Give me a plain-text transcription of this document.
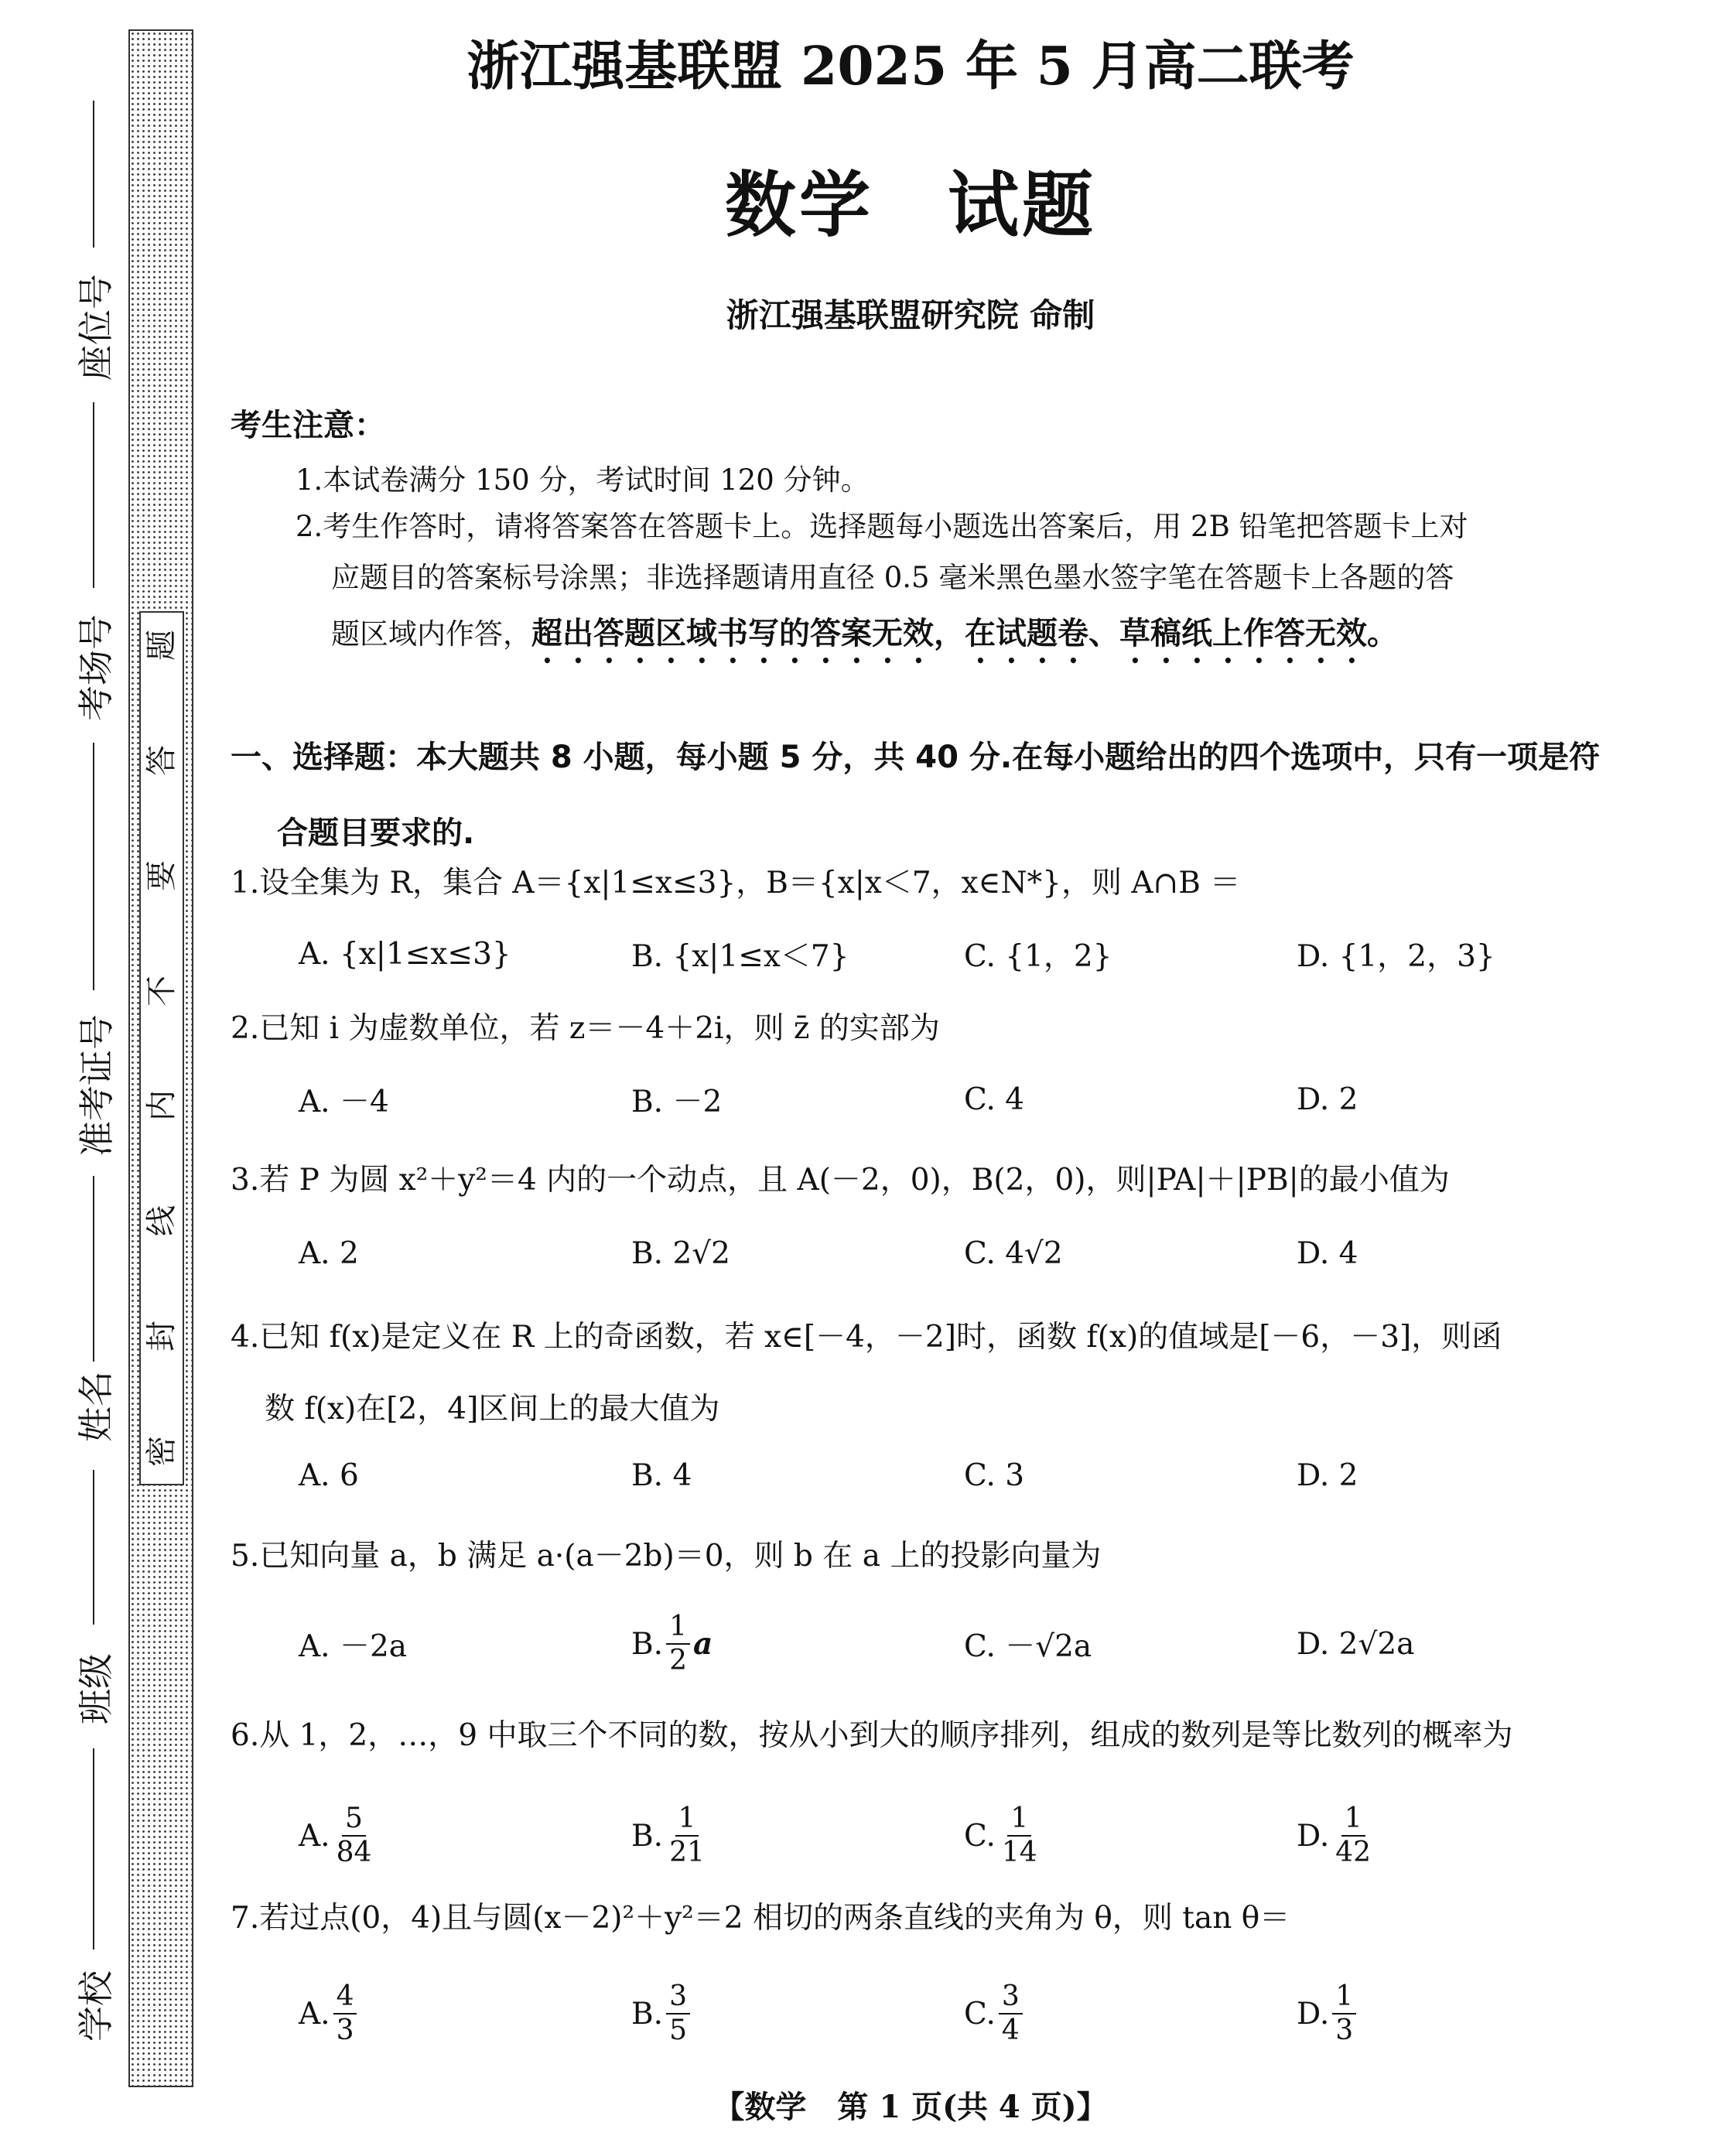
座位号
考场号
准考证号
姓名
班级
学校
题
答
要
不
内
线
封
密
浙江强基联盟 2025 年 5 月高二联考
数学　试题
浙江强基联盟研究院 命制
考生注意：
1.本试卷满分 150 分，考试时间 120 分钟。
2.考生作答时，请将答案答在答题卡上。选择题每小题选出答案后，用 2B 铅笔把答题卡上对
应题目的答案标号涂黑；非选择题请用直径 0.5 毫米黑色墨水签字笔在答题卡上各题的答
题区域内作答，超出答题区域书写的答案无效，在试题卷、草稿纸上作答无效。
一、选择题：本大题共 8 小题，每小题 5 分，共 40 分.在每小题给出的四个选项中，只有一项是符
合题目要求的.
1.设全集为 R，集合 A＝{x|1≤x≤3}，B＝{x|x＜7，x∈N*}，则 A∩B ＝
A. {x|1≤x≤3}	B. {x|1≤x＜7}	C. {1，2}	D. {1，2，3}
2.已知 i 为虚数单位，若 z＝－4＋2i，则 z̄ 的实部为
A. －4	B. －2	C. 4	D. 2
3.若 P 为圆 x²＋y²＝4 内的一个动点，且 A(－2，0)，B(2，0)，则|PA|＋|PB|的最小值为
A. 2	B. 2√2	C. 4√2	D. 4
4.已知 f(x)是定义在 R 上的奇函数，若 x∈[－4，－2]时，函数 f(x)的值域是[－6，－3]，则函
数 f(x)在[2，4]区间上的最大值为
A. 6	B. 4	C. 3	D. 2
5.已知向量 a，b 满足 a·(a－2b)＝0，则 b 在 a 上的投影向量为
A. －2a	B. $\frac{1}{2}$ a	C. －√2a	D. 2√2a
6.从 1，2，…，9 中取三个不同的数，按从小到大的顺序排列，组成的数列是等比数列的概率为
A. $\frac{5}{84}$	B. $\frac{1}{21}$	C. $\frac{1}{14}$	D. $\frac{1}{42}$
7.若过点(0，4)且与圆(x－2)²＋y²＝2 相切的两条直线的夹角为 θ，则 tan θ＝
A. $\frac{4}{3}$	B. $\frac{3}{5}$	C. $\frac{3}{4}$	D. $\frac{1}{3}$
【数学　第 1 页(共 4 页)】
